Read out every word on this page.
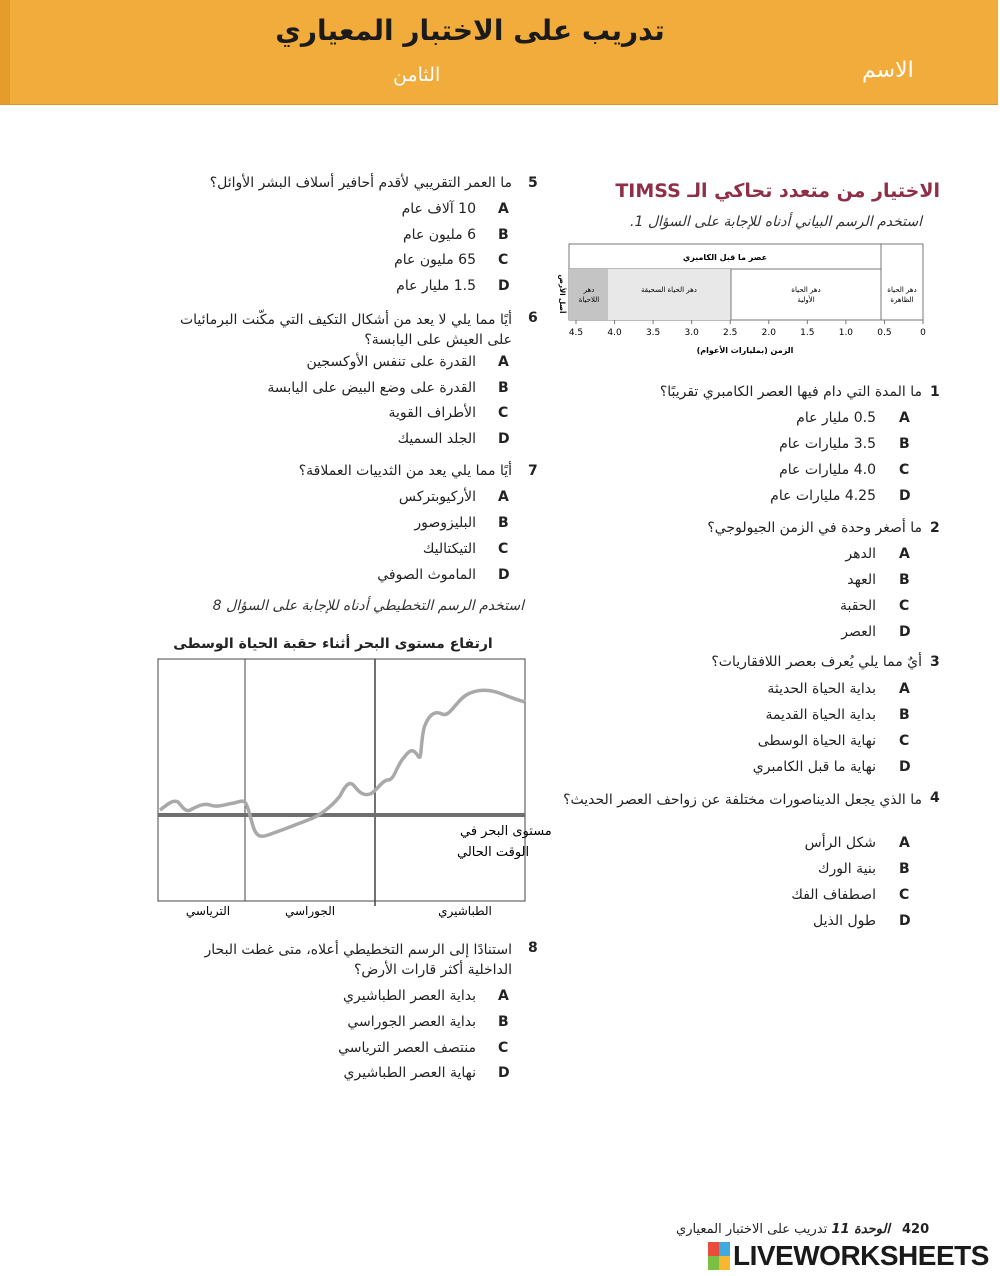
تدريب على الاختبار المعياري
الثامن	الاسم
الاختيار من متعدد تحاكي الـ TIMSS
استخدم الرسم البياني أدناه للإجابة على السؤال 1.
عصر ما قبل الكامبري
دهر
اللاحياة
دهر الحياة السحيقة	دهر الحياة
الأولية
دهر الحياة
الظاهرة
أصل الأرض
4.5	4.0	3.5	3.0	2.5	2.0	1.5	1.0	0.5	0
الزمن (بمليارات الأعوام)
ما المدة التي دام فيها العصر الكامبري تقريبًا؟ 1
A
0.5 مليار عام
B
3.5 مليارات عام
C
4.0 مليارات عام
D
4.25 مليارات عام
ما أصغر وحدة في الزمن الجيولوجي؟ 2
A
الدهر
B
العهد
C
الحقبة
D
العصر
أيٌ مما يلي يُعرف بعصر اللافقاريات؟ 3
A
بداية الحياة الحديثة
B
بداية الحياة القديمة
C
نهاية الحياة الوسطى
D
نهاية ما قبل الكامبري
ما الذي يجعل الديناصورات مختلفة عن زواحف العصر الحديث؟ 4
A
شكل الرأس
B
بنية الورك
C
اصطفاف الفك
D
طول الذيل
ما العمر التقريبي لأقدم أحافير أسلاف البشر الأوائل؟ 5
A
10 آلاف عام
B
6 مليون عام
C
65 مليون عام
D
1.5 مليار عام
أيًا مما يلي لا يعد من أشكال التكيف التي مكّنت البرمائيات على العيش على اليابسة؟
6
A
القدرة على تنفس الأوكسجين
B
القدرة على وضع البيض على اليابسة
C
الأطراف القوية
D
الجلد السميك
أيًا مما يلي يعد من الثدييات العملاقة؟ 7
A
الأركيوبتركس
B
البليزوصور
C
التيكتاليك
D
الماموث الصوفي
استخدم الرسم التخطيطي أدناه للإجابة على السؤال 8
ارتفاع مستوى البحر أثناء حقبة الحياة الوسطى
مستوى البحر في
الوقت الحالي
الترياسي	الجوراسي	الطباشيري
استنادًا إلى الرسم التخطيطي أعلاه، متى غطت البحار الداخلية أكثر قارات الأرض؟
8
A
بداية العصر الطباشيري
B
بداية العصر الجوراسي
C
منتصف العصر الترياسي
D
نهاية العصر الطباشيري
420
الوحدة 11 تدريب على الاختبار المعياري
LIVEWORKSHEETS
